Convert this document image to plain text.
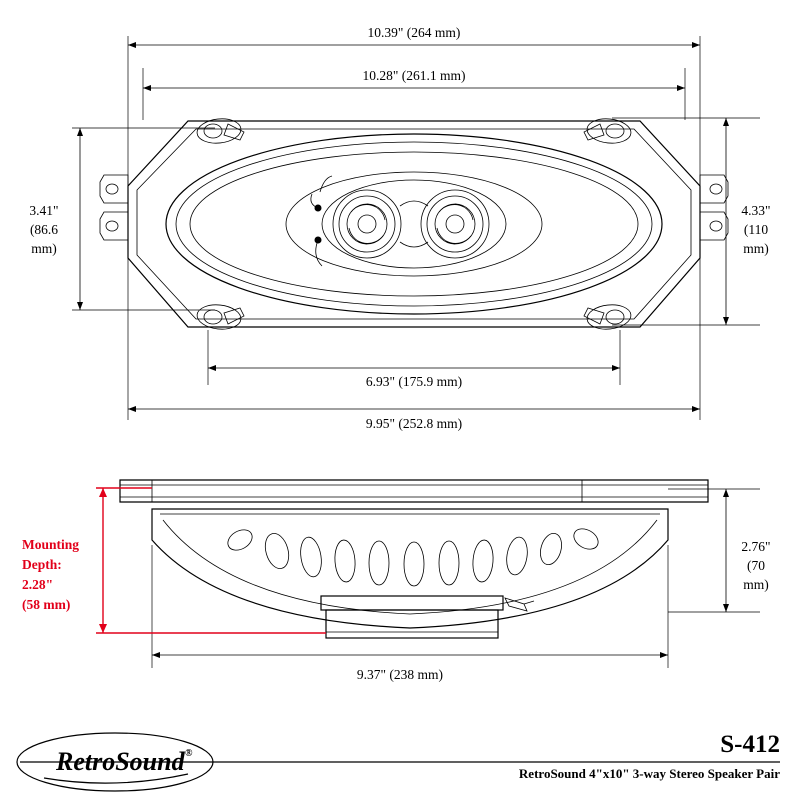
10.39" (264 mm)
10.28" (261.1 mm)
3.41"
(86.6
mm)
4.33"
(110
mm)
6.93" (175.9 mm)
9.95" (252.8 mm)
Mounting
Depth:
2.28"
(58 mm)
2.76"
(70
mm)
9.37" (238 mm)
RetroSound ®	S-412
RetroSound 4"x10" 3-way Stereo Speaker Pair
